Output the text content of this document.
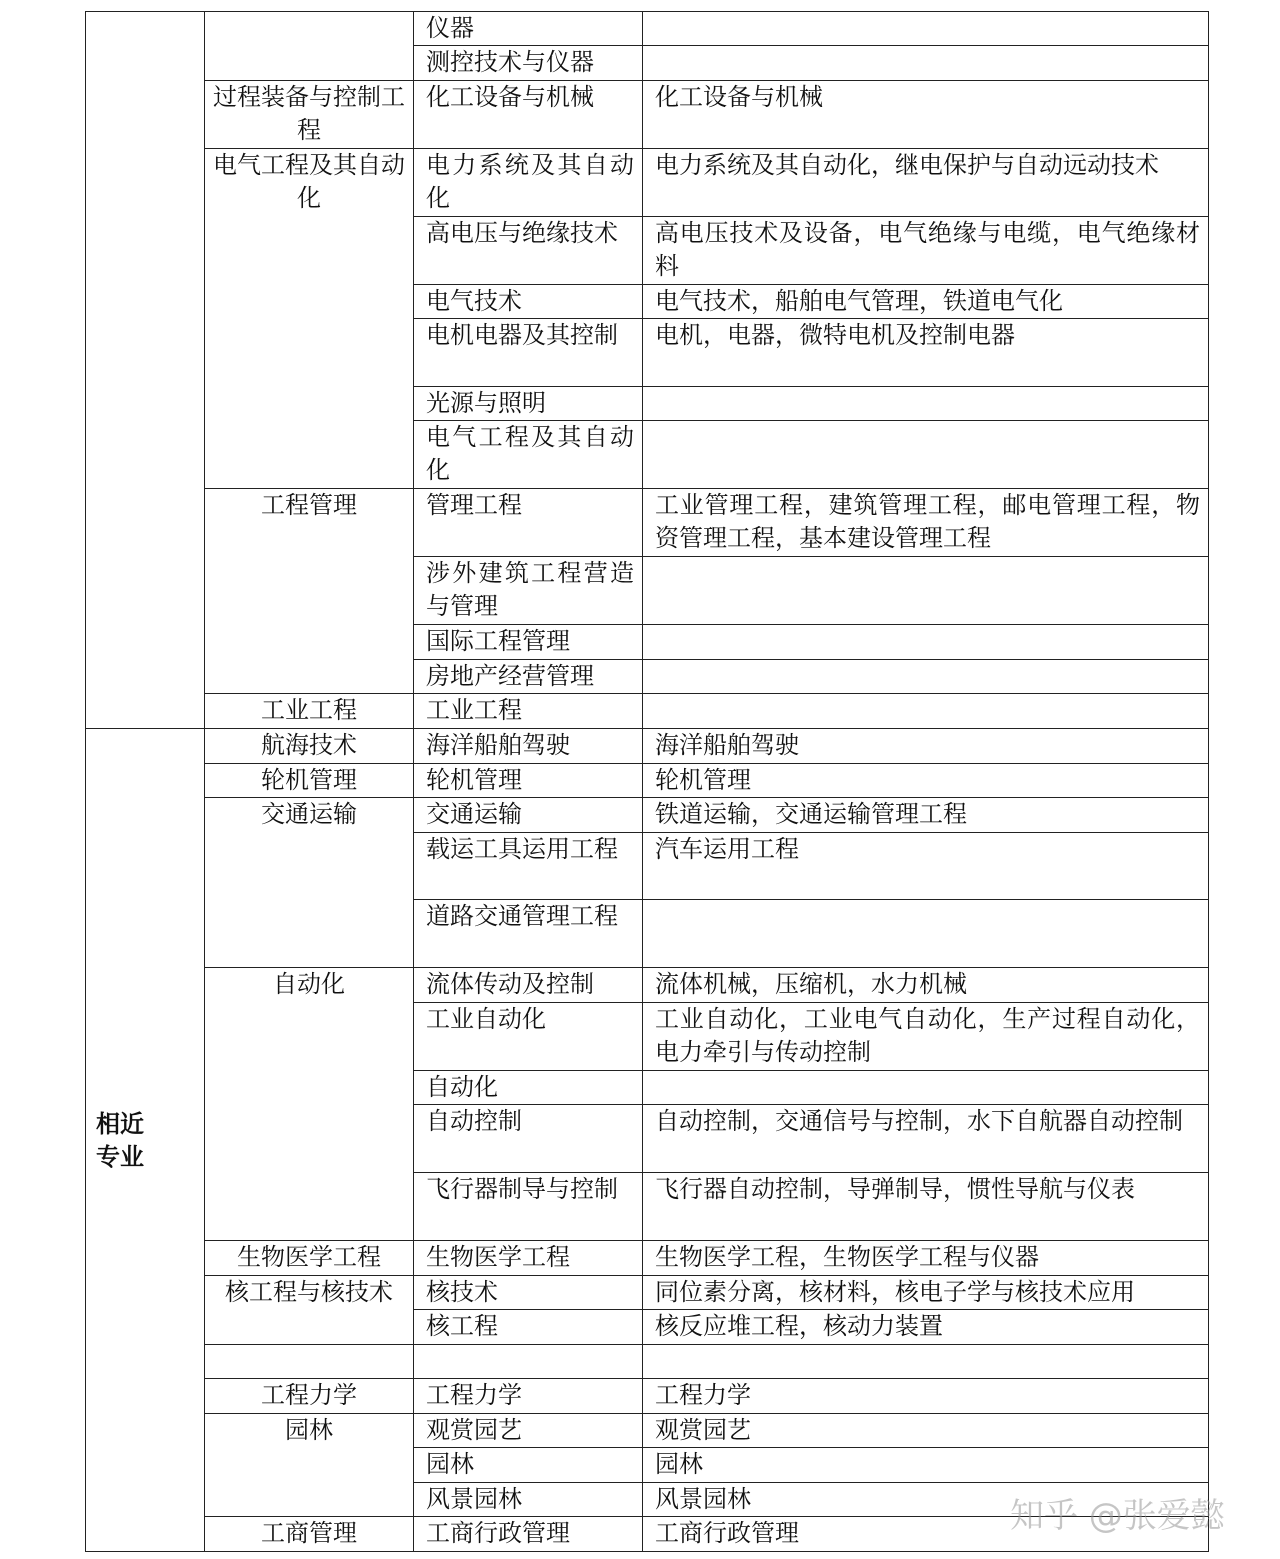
		仪器	
		测控技术与仪器	
	过程装备与控制工程	化工设备与机械	化工设备与机械
	电气工程及其自动化	电力系统及其自动化	电力系统及其自动化，继电保护与自动远动技术
		高电压与绝缘技术	高电压技术及设备，电气绝缘与电缆，电气绝缘材料
		电气技术	电气技术，船舶电气管理，铁道电气化
		电机电器及其控制	电机，电器，微特电机及控制电器
		光源与照明	
		电气工程及其自动化	
	工程管理	管理工程	工业管理工程，建筑管理工程，邮电管理工程，物资管理工程，基本建设管理工程
		涉外建筑工程营造与管理	
		国际工程管理	
		房地产经营管理	
	工业工程	工业工程	
相近
专业	航海技术	海洋船舶驾驶	海洋船舶驾驶
	轮机管理	轮机管理	轮机管理
	交通运输	交通运输	铁道运输，交通运输管理工程
		载运工具运用工程	汽车运用工程
		道路交通管理工程	
	自动化	流体传动及控制	流体机械，压缩机，水力机械
		工业自动化	工业自动化，工业电气自动化，生产过程自动化，电力牵引与传动控制
		自动化	
		自动控制	自动控制，交通信号与控制，水下自航器自动控制
		飞行器制导与控制	飞行器自动控制，导弹制导，惯性导航与仪表
	生物医学工程	生物医学工程	生物医学工程，生物医学工程与仪器
	核工程与核技术	核技术	同位素分离，核材料，核电子学与核技术应用
		核工程	核反应堆工程，核动力装置

	工程力学	工程力学	工程力学
	园林	观赏园艺	观赏园艺
		园林	园林
		风景园林	风景园林
	工商管理	工商行政管理	工商行政管理	知乎 @张爱懿
